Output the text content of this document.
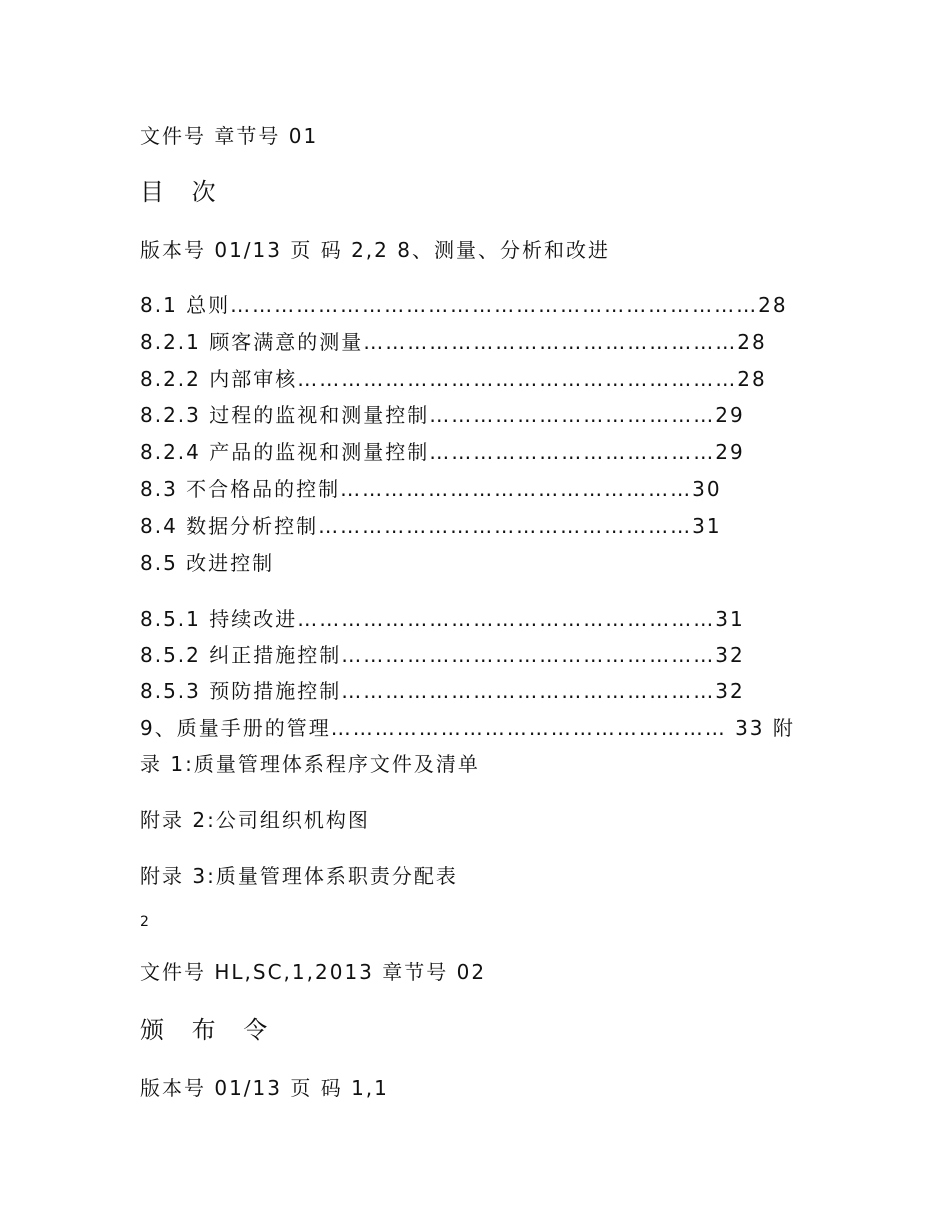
文件号 章节号 01
目 次
版本号 01/13 页 码 2,2 8、测量、分析和改进
8.1 总则………………………………………………………………28
8.2.1 顾客满意的测量……………………………………………28
8.2.2 内部审核……………………………………………………28
8.2.3 过程的监视和测量控制…………………………………29
8.2.4 产品的监视和测量控制…………………………………29
8.3 不合格品的控制…………………………………………30
8.4 数据分析控制……………………………………………31
8.5 改进控制
8.5.1 持续改进…………………………………………………31
8.5.2 纠正措施控制……………………………………………32
8.5.3 预防措施控制……………………………………………32
9、质量手册的管理……………………………………………… 33 附
录 1:质量管理体系程序文件及清单
附录 2:公司组织机构图
附录 3:质量管理体系职责分配表
2
文件号 HL,SC,1,2013 章节号 02
颁 布 令
版本号 01/13 页 码 1,1
